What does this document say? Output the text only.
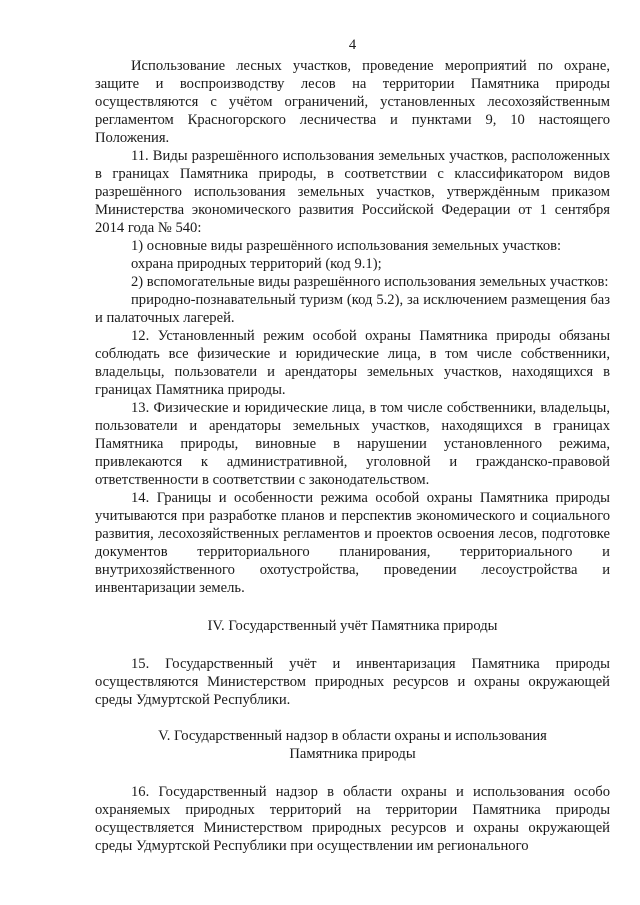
4

Использование лесных участков, проведение мероприятий по охране, защите и воспроизводству лесов на территории Памятника природы осуществляются с учётом ограничений, установленных лесохозяйственным регламентом Красногорского лесничества и пунктами 9, 10 настоящего Положения.

11. Виды разрешённого использования земельных участков, расположенных в границах Памятника природы, в соответствии с классификатором видов разрешённого использования земельных участков, утверждённым приказом Министерства экономического развития Российской Федерации от 1 сентября 2014 года № 540:

1) основные виды разрешённого использования земельных участков:

охрана природных территорий (код 9.1);

2) вспомогательные виды разрешённого использования земельных участков:

природно-познавательный туризм (код 5.2), за исключением размещения баз и палаточных лагерей.

12. Установленный режим особой охраны Памятника природы обязаны соблюдать все физические и юридические лица, в том числе собственники, владельцы, пользователи и арендаторы земельных участков, находящихся в границах Памятника природы.

13. Физические и юридические лица, в том числе собственники, владельцы, пользователи и арендаторы земельных участков, находящихся в границах Памятника природы, виновные в нарушении установленного режима, привлекаются к административной, уголовной и гражданско-правовой ответственности в соответствии с законодательством.

14. Границы и особенности режима особой охраны Памятника природы учитываются при разработке планов и перспектив экономического и социального развития, лесохозяйственных регламентов и проектов освоения лесов, подготовке документов территориального планирования, территориального и внутрихозяйственного охотустройства, проведении лесоустройства и инвентаризации земель.

IV. Государственный учёт Памятника природы

15. Государственный учёт и инвентаризация Памятника природы осуществляются Министерством природных ресурсов и охраны окружающей среды Удмуртской Республики.

V. Государственный надзор в области охраны и использования

Памятника природы

16. Государственный надзор в области охраны и использования особо охраняемых природных территорий на территории Памятника природы осуществляется Министерством природных ресурсов и охраны окружающей среды Удмуртской Республики при осуществлении им регионального
